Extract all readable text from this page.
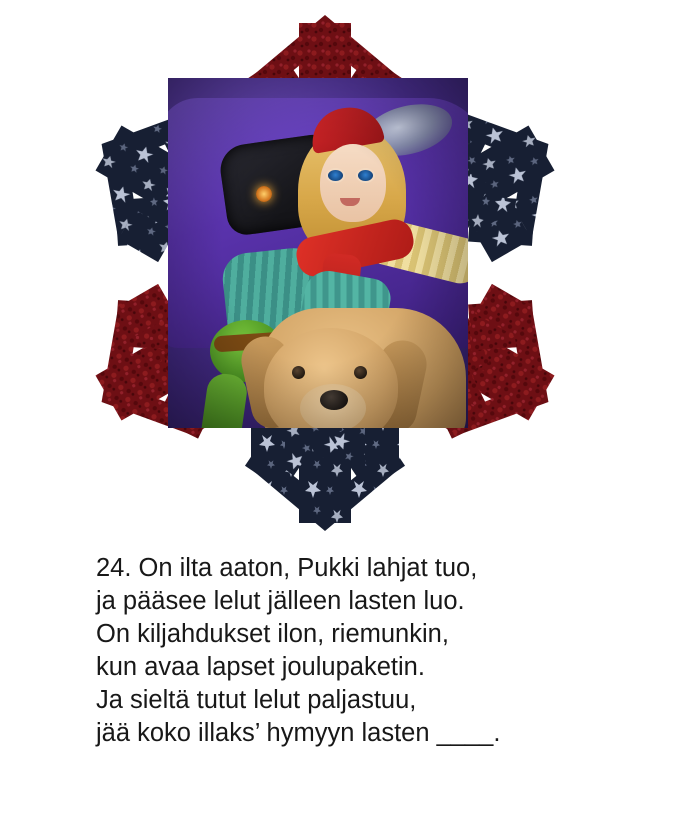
24. On ilta aaton, Pukki lahjat tuo,
ja pääsee lelut jälleen lasten luo.
On kiljahdukset ilon, riemunkin,
kun avaa lapset joulupaketin.
Ja sieltä tutut lelut paljastuu,
jää koko illaks’ hymyyn lasten ____.
